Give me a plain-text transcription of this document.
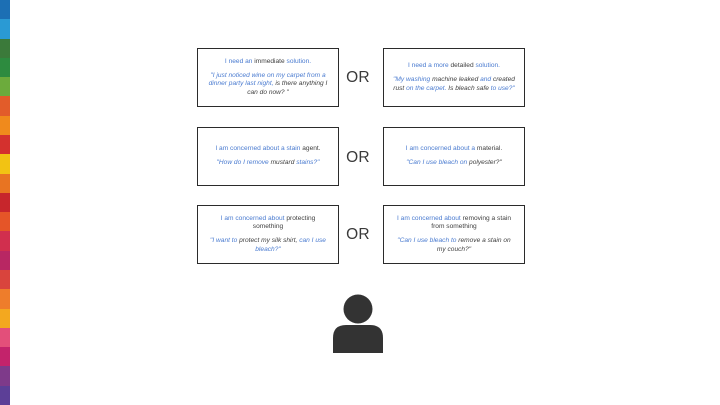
I need an immediate solution.
"I just noticed wine on my carpet from a dinner party last night, is there anything I can do now? "
OR
I need a more detailed solution.
"My washing machine leaked and created rust on the carpet. Is bleach safe to use?"
I am concerned about a stain agent.
"How do I remove mustard stains?"	OR
I am concerned about a material.
"Can I use bleach on polyester?"
I am concerned about protecting something
"I want to protect my silk shirt, can I use bleach?"
OR
I am concerned about removing a stain from something
"Can I use bleach to remove a stain on my couch?"
